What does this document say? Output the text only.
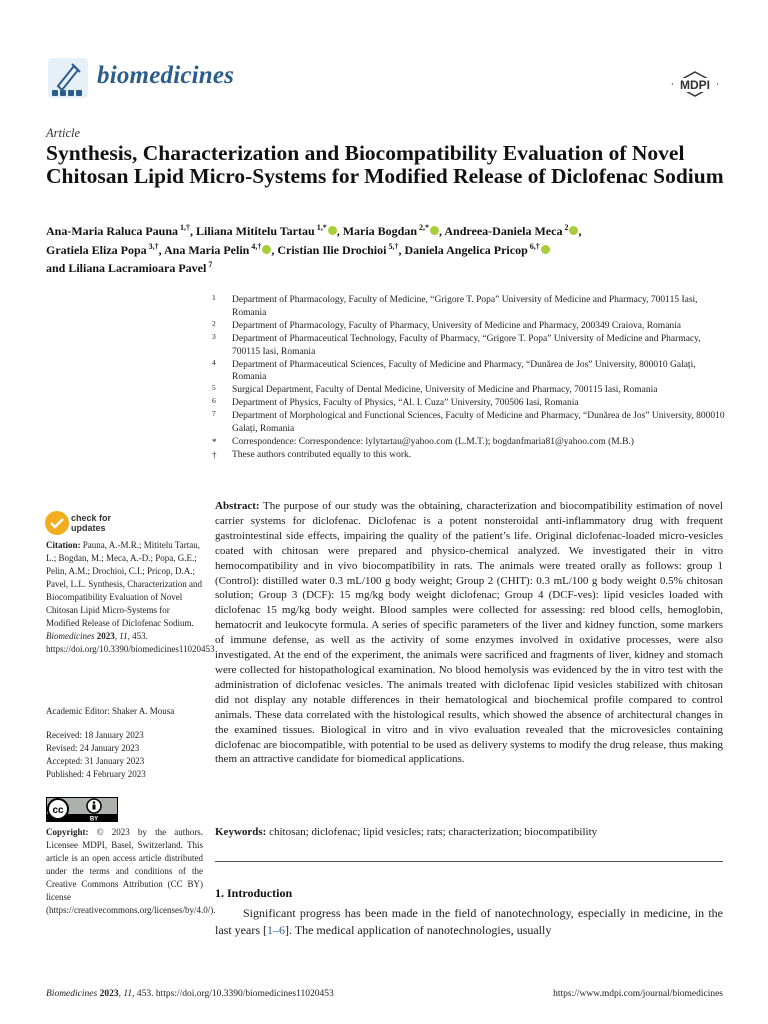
biomedicines	MDPI
Article
Synthesis, Characterization and Biocompatibility Evaluation of Novel Chitosan Lipid Micro-Systems for Modified Release of Diclofenac Sodium
Ana-Maria Raluca Pauna $^{1,\dagger}$, Liliana Mititelu Tartau $^{1,*}$ , Maria Bogdan $^{2,*}$ , Andreea-Daniela Meca $^2$ ,
Gratiela Eliza Popa $^{3,\dagger}$, Ana Maria Pelin $^{4,\dagger}$ , Cristian Ilie Drochioi $^{5,\dagger}$, Daniela Angelica Pricop $^{6,\dagger}$
and Liliana Lacramioara Pavel $^7$
1 Department of Pharmacology, Faculty of Medicine, “Grigore T. Popa” University of Medicine and Pharmacy, 700115 Iasi, Romania
2 Department of Pharmacology, Faculty of Pharmacy, University of Medicine and Pharmacy, 200349 Craiova, Romania
3 Department of Pharmaceutical Technology, Faculty of Pharmacy, “Grigore T. Popa” University of Medicine and Pharmacy, 700115 Iasi, Romania
4 Department of Pharmaceutical Sciences, Faculty of Medicine and Pharmacy, “Dunărea de Jos” University, 800010 Galați, Romania
5 Surgical Department, Faculty of Dental Medicine, University of Medicine and Pharmacy, 700115 Iasi, Romania
6 Department of Physics, Faculty of Physics, “Al. I. Cuza” University, 700506 Iasi, Romania
7 Department of Morphological and Functional Sciences, Faculty of Medicine and Pharmacy, “Dunărea de Jos” University, 800010 Galați, Romania
* Correspondence: Correspondence: lylytartau@yahoo.com (L.M.T.); bogdanfmaria81@yahoo.com (M.B.)
† These authors contributed equally to this work.
check for
updates
Citation: Pauna, A.-M.R.; Mititelu Tartau, L.; Bogdan, M.; Meca, A.-D.; Popa, G.E.; Pelin, A.M.; Drochioi, C.I.; Pricop, D.A.; Pavel, L.L. Synthesis, Characterization and Biocompatibility Evaluation of Novel Chitosan Lipid Micro-Systems for Modified Release of Diclofenac Sodium. Biomedicines 2023, 11, 453. https://doi.org/10.3390/biomedicines11020453
Academic Editor: Shaker A. Mousa
Received: 18 January 2023
Revised: 24 January 2023
Accepted: 31 January 2023
Published: 4 February 2023
cc
BY
Copyright: © 2023 by the authors. Licensee MDPI, Basel, Switzerland. This article is an open access article distributed under the terms and conditions of the Creative Commons Attribution (CC BY) license (https://creativecommons.org/licenses/by/4.0/).
Abstract: The purpose of our study was the obtaining, characterization and biocompatibility estimation of novel carrier systems for diclofenac. Diclofenac is a potent nonsteroidal anti-inflammatory drug with frequent gastrointestinal side effects, impairing the quality of the patient’s life. Original diclofenac-loaded micro-vesicles coated with chitosan were prepared and physico-chemical analyzed. We investigated their in vitro hemocompatibility and in vivo biocompatibility in rats. The animals were treated orally as follows: group 1 (Control): distilled water 0.3 mL/100 g body weight; Group 2 (CHIT): 0.3 mL/100 g body weight 0.5% chitosan solution; Group 3 (DCF): 15 mg/kg body weight diclofenac; Group 4 (DCF-ves): lipid vesicles loaded with diclofenac 15 mg/kg body weight. Blood samples were collected for assessing: red blood cells, hemoglobin, hematocrit and leukocyte formula. A series of specific parameters of the liver and kidney function, some markers of immune defense, as well as the activity of some enzymes involved in oxidative processes, were also investigated. At the end of the experiment, the animals were sacrificed and fragments of liver, kidney and stomach were collected for histopathological examination. No blood hemolysis was evidenced by the in vitro test with the administration of diclofenac vesicles. The animals treated with diclofenac lipid vesicles stabilized with chitosan did not display any notable differences in their hematological and biochemical profile compared to control animals. These data correlated with the histological results, which showed the absence of architectural changes in the examined tissues. Biological in vitro and in vivo evaluation revealed that the microvesicles containing diclofenac are biocompatible, with potential to be used as delivery systems to modify the drug release, thus making them an attractive candidate for biomedical applications.
Keywords: chitosan; diclofenac; lipid vesicles; rats; characterization; biocompatibility
1. Introduction
Significant progress has been made in the field of nanotechnology, especially in medicine, in the last years [1–6]. The medical application of nanotechnologies, usually
Biomedicines 2023, 11, 453. https://doi.org/10.3390/biomedicines11020453	https://www.mdpi.com/journal/biomedicines
